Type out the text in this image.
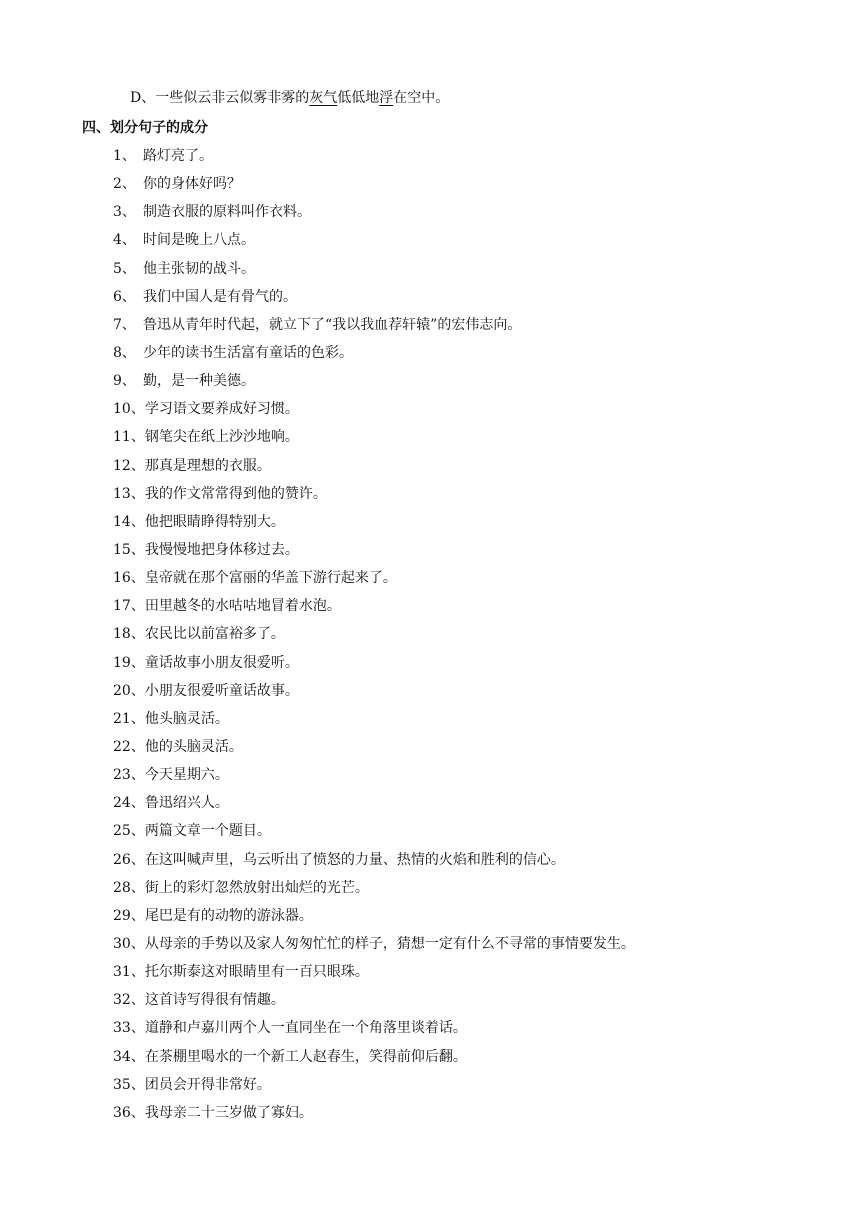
D、一些似云非云似雾非雾的灰气低低地浮在空中。
四、划分句子的成分
1、 路灯亮了。
2、 你的身体好吗？
3、 制造衣服的原料叫作衣料。
4、 时间是晚上八点。
5、 他主张韧的战斗。
6、 我们中国人是有骨气的。
7、 鲁迅从青年时代起，就立下了“我以我血荐轩辕”的宏伟志向。
8、 少年的读书生活富有童话的色彩。
9、 勤，是一种美德。
10、 学习语文要养成好习惯。
11、 钢笔尖在纸上沙沙地响。
12、 那真是理想的衣服。
13、 我的作文常常得到他的赞许。
14、 他把眼睛睁得特别大。
15、 我慢慢地把身体移过去。
16、 皇帝就在那个富丽的华盖下游行起来了。
17、 田里越冬的水咕咕地冒着水泡。
18、 农民比以前富裕多了。
19、 童话故事小朋友很爱听。
20、 小朋友很爱听童话故事。
21、 他头脑灵活。
22、 他的头脑灵活。
23、 今天星期六。
24、 鲁迅绍兴人。
25、 两篇文章一个题目。
26、 在这叫喊声里，乌云听出了愤怒的力量、热情的火焰和胜利的信心。
28、 街上的彩灯忽然放射出灿烂的光芒。
29、 尾巴是有的动物的游泳器。
30、 从母亲的手势以及家人匆匆忙忙的样子，猜想一定有什么不寻常的事情要发生。
31、 托尔斯泰这对眼睛里有一百只眼珠。
32、 这首诗写得很有情趣。
33、 道静和卢嘉川两个人一直同坐在一个角落里谈着话。
34、 在茶棚里喝水的一个新工人赵春生，笑得前仰后翻。
35、 团员会开得非常好。
36、 我母亲二十三岁做了寡妇。
